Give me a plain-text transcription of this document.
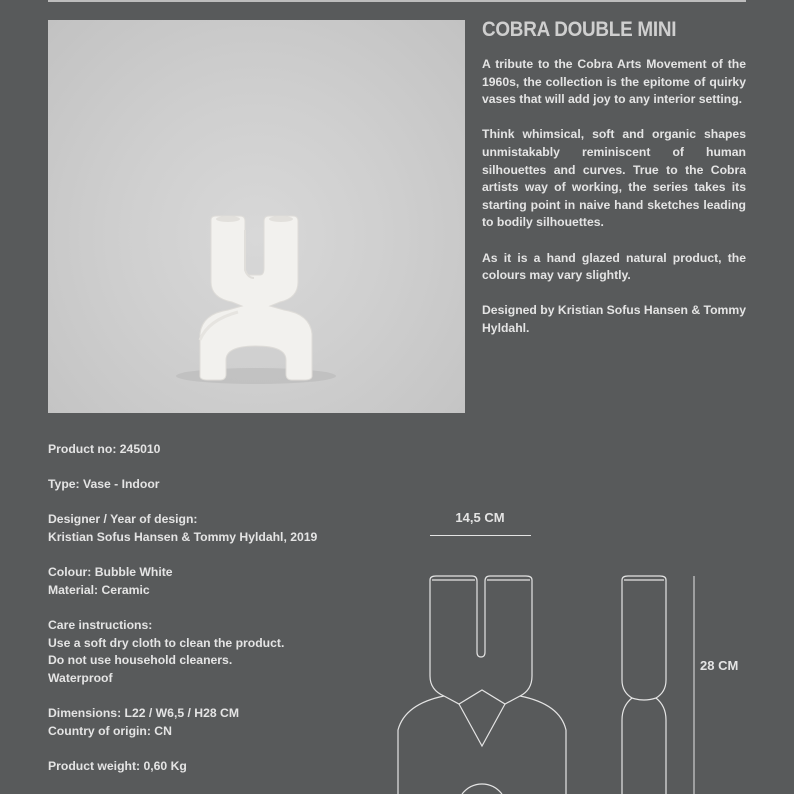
COBRA DOUBLE MINI

A tribute to the Cobra Arts Movement of the 1960s, the collection is the epitome of quirky vases that will add joy to any interior setting.

Think whimsical, soft and organic shapes unmistakably reminiscent of human silhouettes and curves. True to the Cobra artists way of working, the series takes its starting point in naive hand sketches leading to bodily silhouettes.

As it is a hand glazed natural product, the colours may vary slightly.

Designed by Kristian Sofus Hansen & Tommy Hyldahl.

Product no: 245010
Type: Vase - Indoor
Designer / Year of design:
Kristian Sofus Hansen & Tommy Hyldahl, 2019
Colour: Bubble White
Material: Ceramic
Care instructions:
Use a soft dry cloth to clean the product.
Do not use household cleaners.
Waterproof
Dimensions: L22 / W6,5 / H28 CM
Country of origin: CN
Product weight: 0,60 Kg
14,5 CM
28 CM
